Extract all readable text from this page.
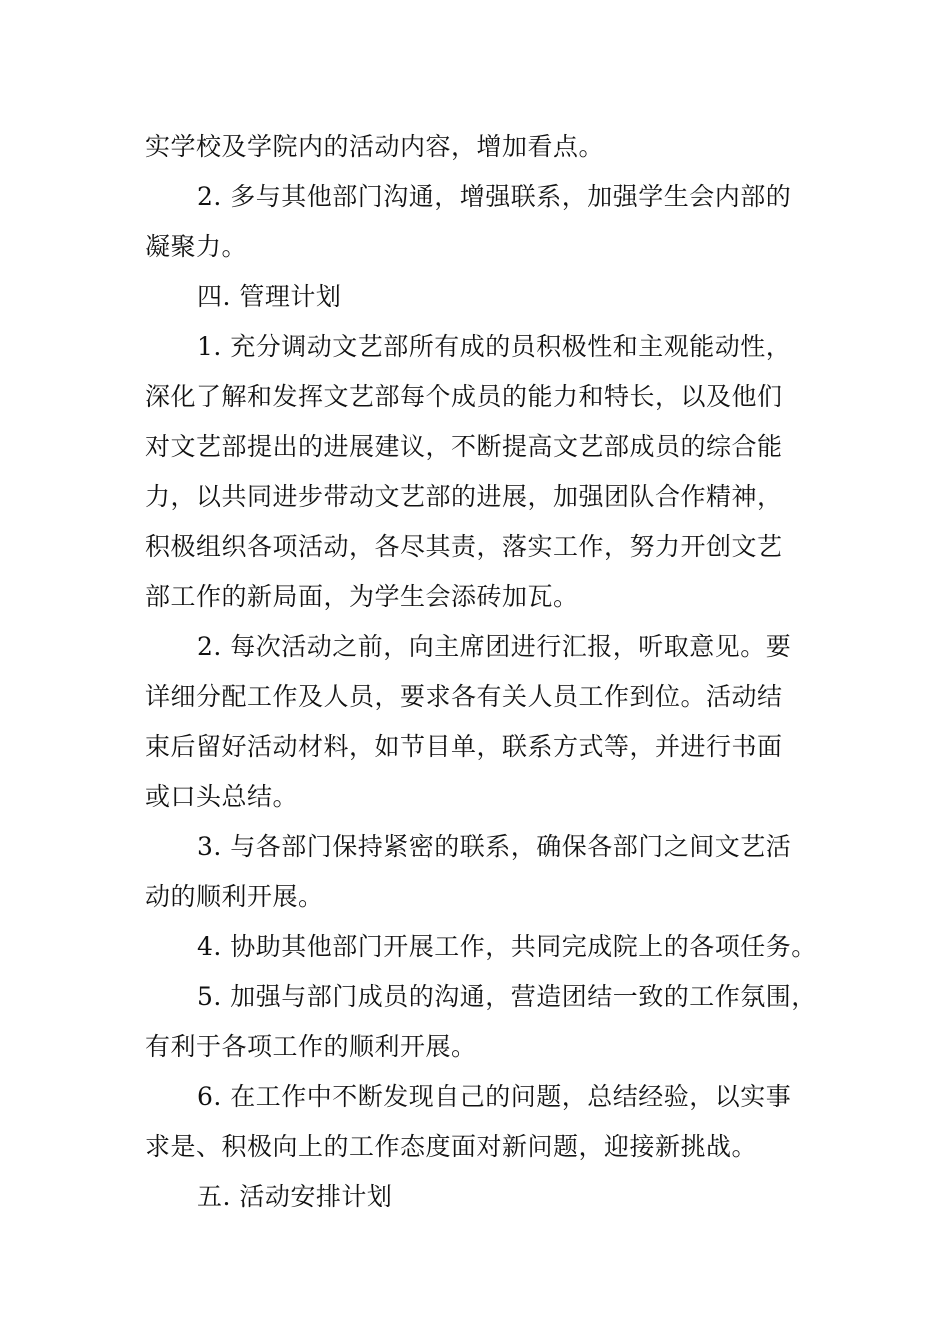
实学校及学院内的活动内容，增加看点。
2. 多与其他部门沟通，增强联系，加强学生会内部的
凝聚力。
四. 管理计划
1. 充分调动文艺部所有成的员积极性和主观能动性，
深化了解和发挥文艺部每个成员的能力和特长，以及他们
对文艺部提出的进展建议，不断提高文艺部成员的综合能
力，以共同进步带动文艺部的进展，加强团队合作精神，
积极组织各项活动，各尽其责，落实工作，努力开创文艺
部工作的新局面，为学生会添砖加瓦。
2. 每次活动之前，向主席团进行汇报，听取意见。要
详细分配工作及人员，要求各有关人员工作到位。活动结
束后留好活动材料，如节目单，联系方式等，并进行书面
或口头总结。
3. 与各部门保持紧密的联系，确保各部门之间文艺活
动的顺利开展。
4. 协助其他部门开展工作，共同完成院上的各项任务。
5. 加强与部门成员的沟通，营造团结一致的工作氛围，
有利于各项工作的顺利开展。
6. 在工作中不断发现自己的问题，总结经验，以实事
求是、积极向上的工作态度面对新问题，迎接新挑战。
五. 活动安排计划
